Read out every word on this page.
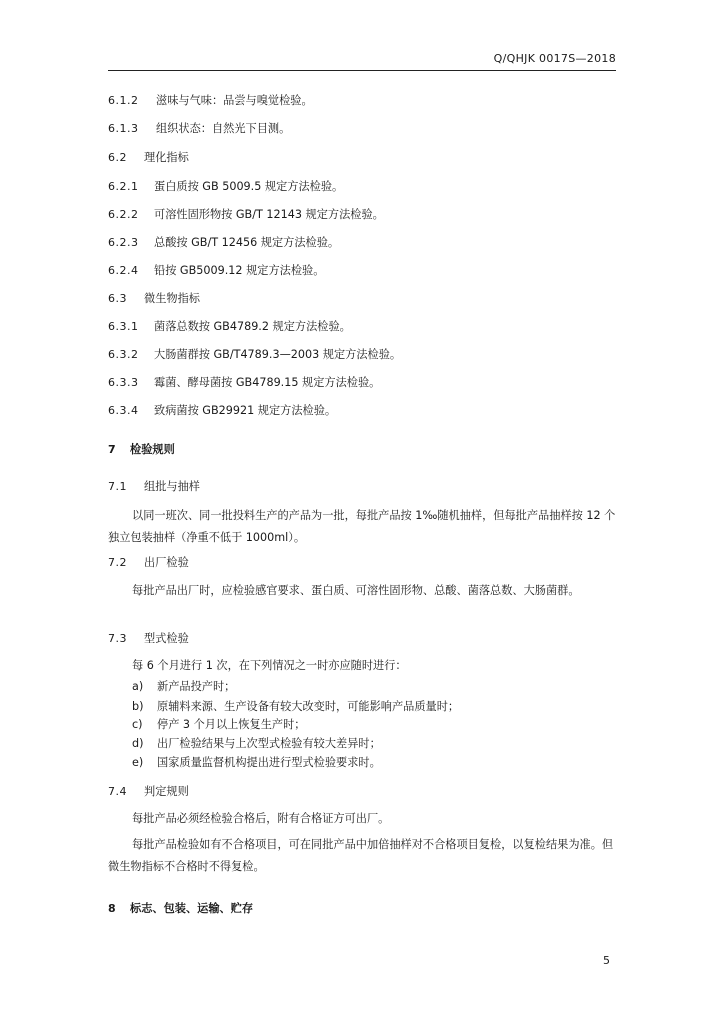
Q/QHJK 0017S—2018
6.1.2 滋味与气味：品尝与嗅觉检验。
6.1.3 组织状态：自然光下目测。
6.2 理化指标
6.2.1 蛋白质按 GB 5009.5 规定方法检验。
6.2.2 可溶性固形物按 GB/T 12143 规定方法检验。
6.2.3 总酸按 GB/T 12456 规定方法检验。
6.2.4 铅按 GB5009.12 规定方法检验。
6.3 微生物指标
6.3.1 菌落总数按 GB4789.2 规定方法检验。
6.3.2 大肠菌群按 GB/T4789.3—2003 规定方法检验。
6.3.3 霉菌、酵母菌按 GB4789.15 规定方法检验。
6.3.4 致病菌按 GB29921 规定方法检验。
7 检验规则
7.1 组批与抽样
以同一班次、同一批投料生产的产品为一批，每批产品按 1‰随机抽样，但每批产品抽样按 12 个独立包装抽样（净重不低于 1000ml）。
7.2 出厂检验
每批产品出厂时，应检验感官要求、蛋白质、可溶性固形物、总酸、菌落总数、大肠菌群。
7.3 型式检验
每 6 个月进行 1 次，在下列情况之一时亦应随时进行：
a) 新产品投产时；
b) 原辅料来源、生产设备有较大改变时，可能影响产品质量时；
c) 停产 3 个月以上恢复生产时；
d) 出厂检验结果与上次型式检验有较大差异时；
e) 国家质量监督机构提出进行型式检验要求时。
7.4 判定规则
每批产品必须经检验合格后，附有合格证方可出厂。
每批产品检验如有不合格项目，可在同批产品中加倍抽样对不合格项目复检，以复检结果为准。但微生物指标不合格时不得复检。
8 标志、包装、运输、贮存
5
